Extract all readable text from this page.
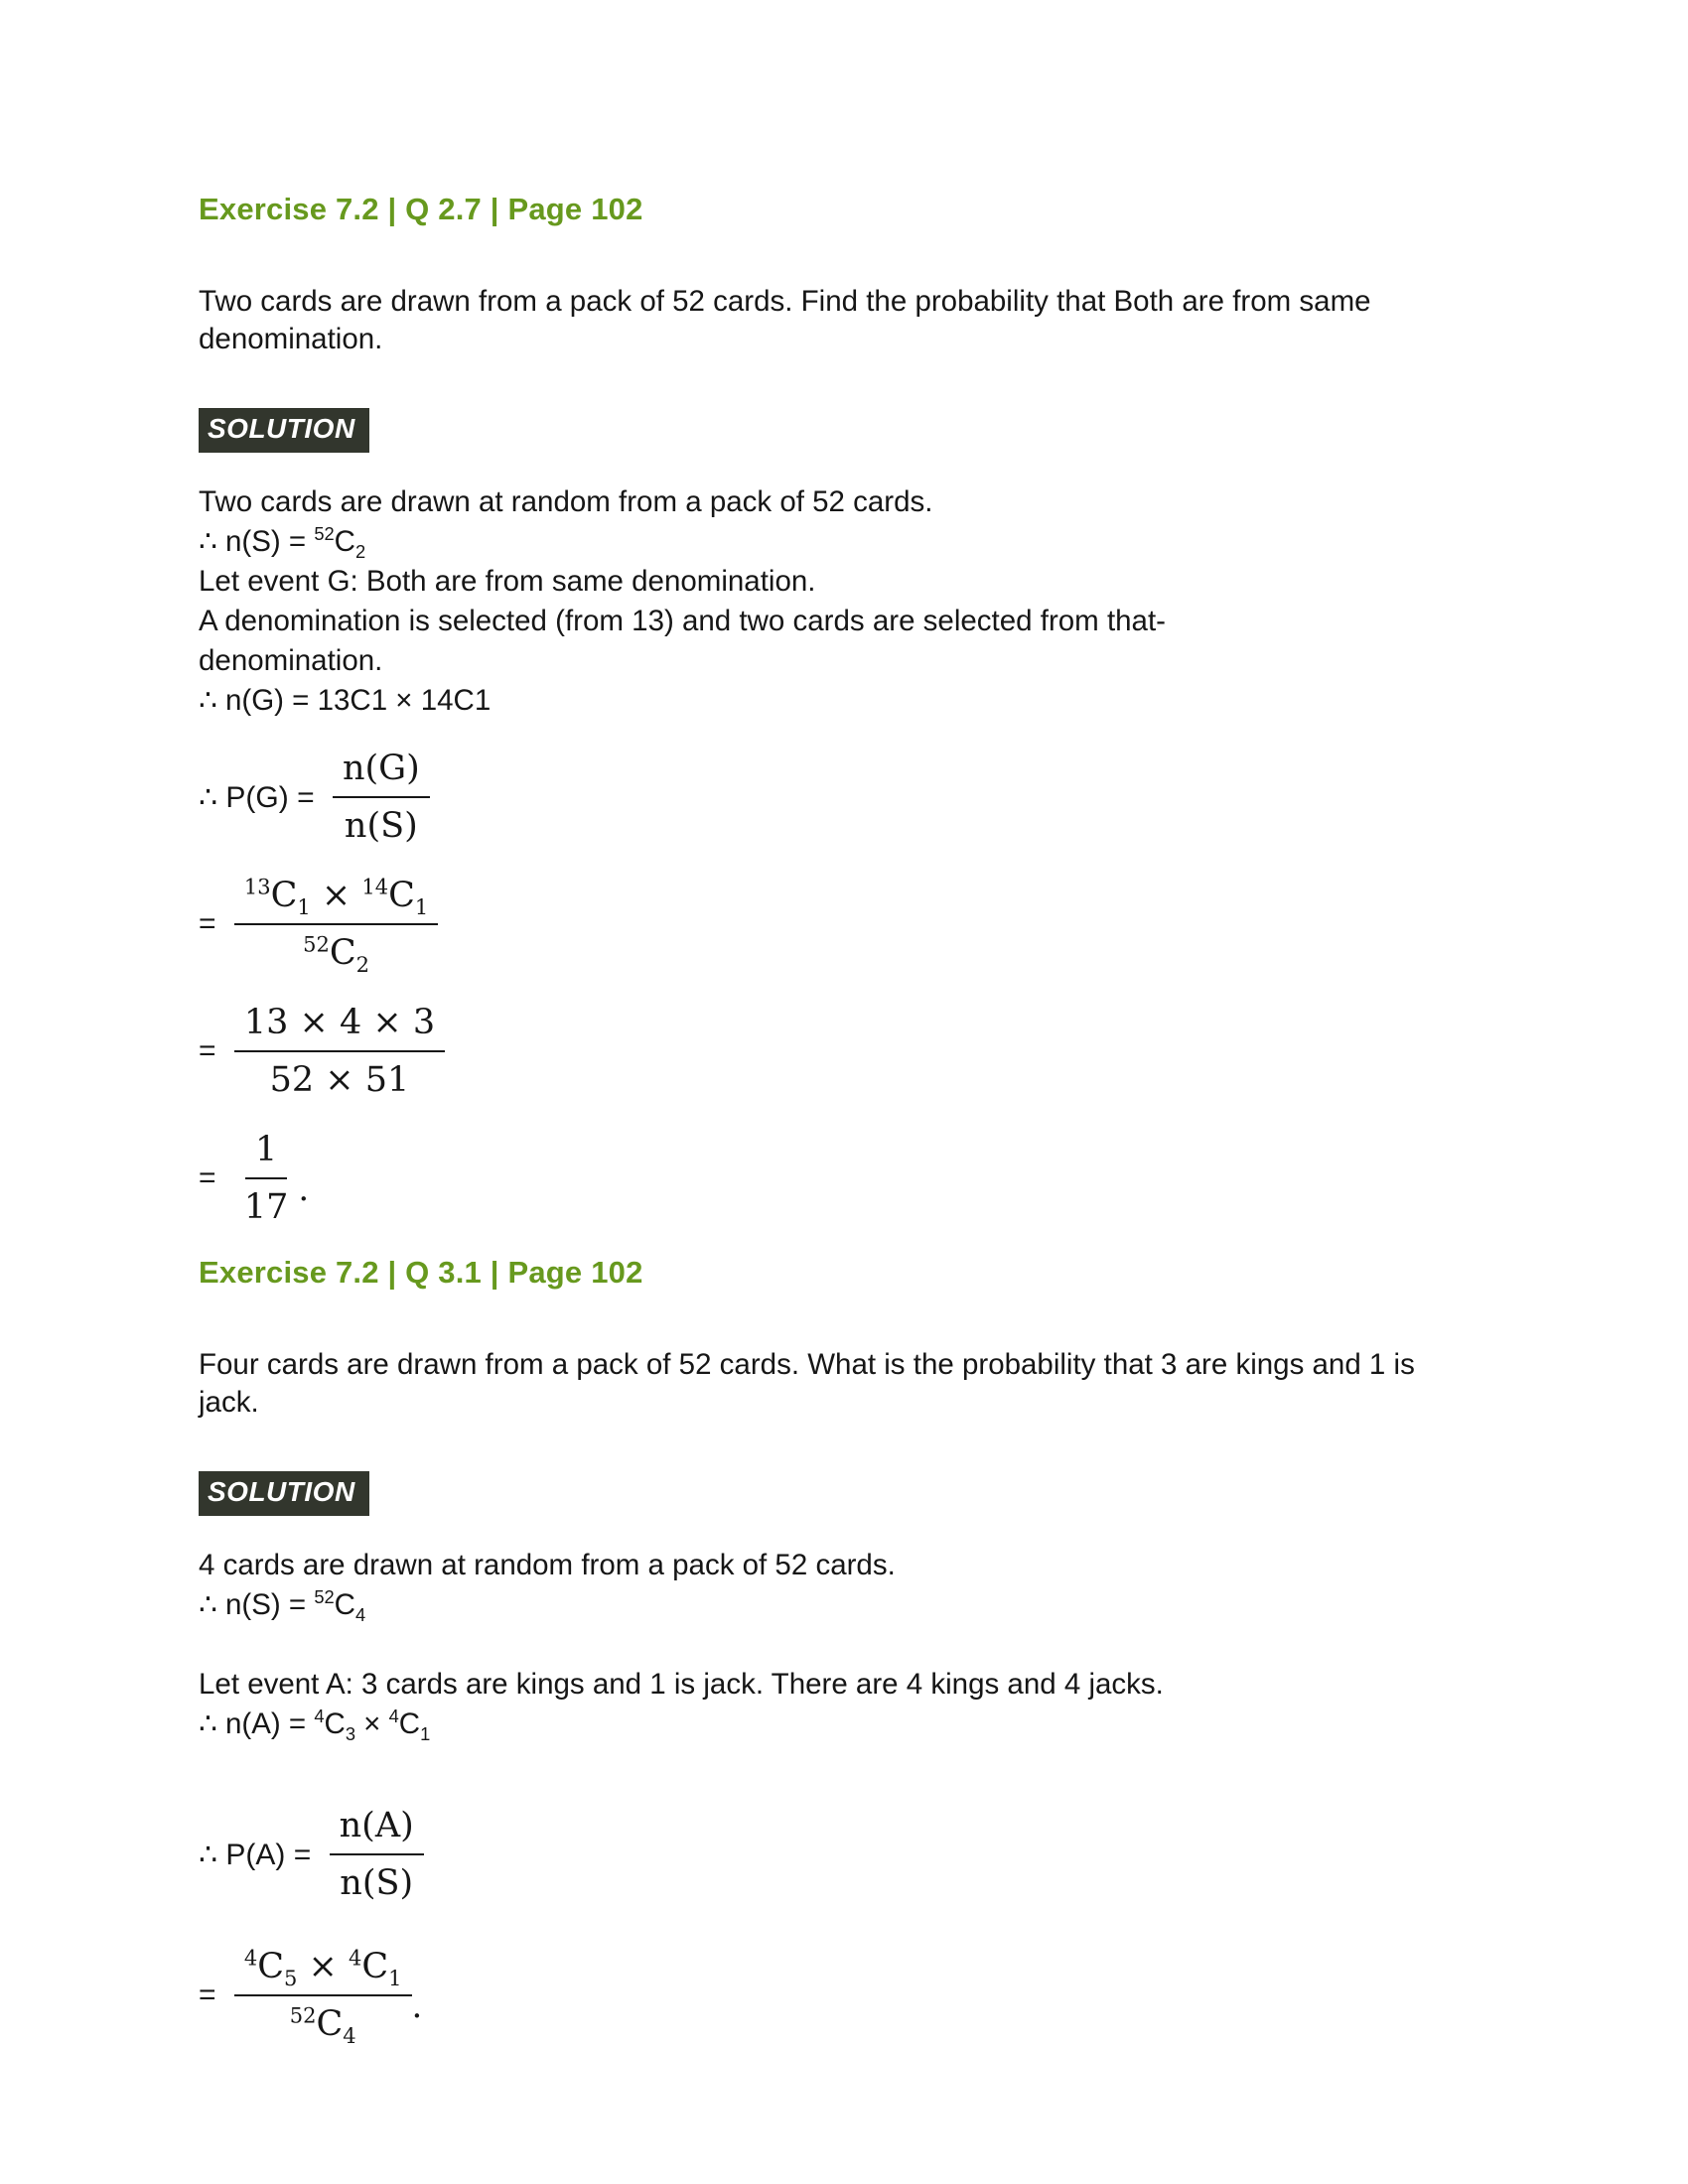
Exercise 7.2 | Q 2.7 | Page 102

Two cards are drawn from a pack of 52 cards. Find the probability that Both are from same denomination.

SOLUTION
Two cards are drawn at random from a pack of 52 cards.
∴ $n(S) = ^{52}C_2$
Let event G: Both are from same denomination.
A denomination is selected (from 13) and two cards are selected from that-
denomination.
∴ n(G) = 13C1 × 14C1
∴ $P(G) = \frac{n(G)}{n(S)}$
= $\frac{^{13}C_1 \times ^{14}C_1}{^{52}C_2}$
= $\frac{13 \times 4 \times 3}{52 \times 51}$
= $\frac{1}{17}$ .
Exercise 7.2 | Q 3.1 | Page 102

Four cards are drawn from a pack of 52 cards. What is the probability that 3 are kings and 1 is jack.

SOLUTION
4 cards are drawn at random from a pack of 52 cards.
∴ $n(S) = ^{52}C_4$

Let event A: 3 cards are kings and 1 is jack. There are 4 kings and 4 jacks.
∴ $n(A) = ^4C_3 \times ^4C_1$
∴ $P(A) = \frac{n(A)}{n(S)}$
= $\frac{^4C_5 \times ^4C_1}{^{52}C_4}$ .
